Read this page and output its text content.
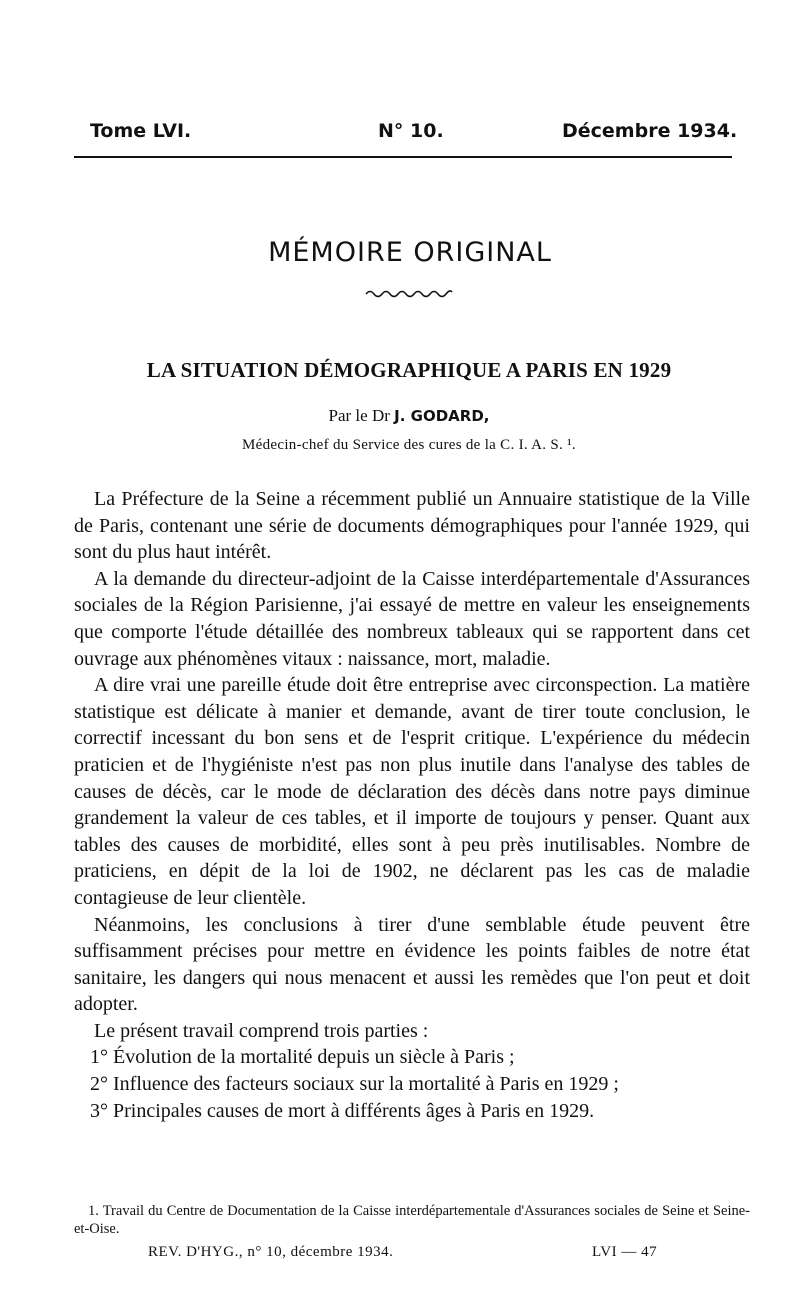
Tome LVI.	N° 10.	Décembre 1934.
MÉMOIRE ORIGINAL
LA SITUATION DÉMOGRAPHIQUE A PARIS EN 1929
Par le Dr J. GODARD,
Médecin-chef du Service des cures de la C. I. A. S. ¹.

La Préfecture de la Seine a récemment publié un Annuaire statistique de la Ville de Paris, contenant une série de documents démographiques pour l'année 1929, qui sont du plus haut intérêt.

A la demande du directeur-adjoint de la Caisse interdépartementale d'Assurances sociales de la Région Parisienne, j'ai essayé de mettre en valeur les enseignements que comporte l'étude détaillée des nombreux tableaux qui se rapportent dans cet ouvrage aux phénomènes vitaux : naissance, mort, maladie.

A dire vrai une pareille étude doit être entreprise avec circonspection. La matière statistique est délicate à manier et demande, avant de tirer toute conclusion, le correctif incessant du bon sens et de l'esprit critique. L'expérience du médecin praticien et de l'hygiéniste n'est pas non plus inutile dans l'analyse des tables de causes de décès, car le mode de déclaration des décès dans notre pays diminue grandement la valeur de ces tables, et il importe de toujours y penser. Quant aux tables des causes de morbidité, elles sont à peu près inutilisables. Nombre de praticiens, en dépit de la loi de 1902, ne déclarent pas les cas de maladie contagieuse de leur clientèle.

Néanmoins, les conclusions à tirer d'une semblable étude peuvent être suffisamment précises pour mettre en évidence les points faibles de notre état sanitaire, les dangers qui nous menacent et aussi les remèdes que l'on peut et doit adopter.

Le présent travail comprend trois parties :

1° Évolution de la mortalité depuis un siècle à Paris ;

2° Influence des facteurs sociaux sur la mortalité à Paris en 1929 ;

3° Principales causes de mort à différents âges à Paris en 1929.

1. Travail du Centre de Documentation de la Caisse interdépartementale d'Assurances sociales de Seine et Seine-et-Oise.
REV. D'HYG., n° 10, décembre 1934.	LVI — 47
